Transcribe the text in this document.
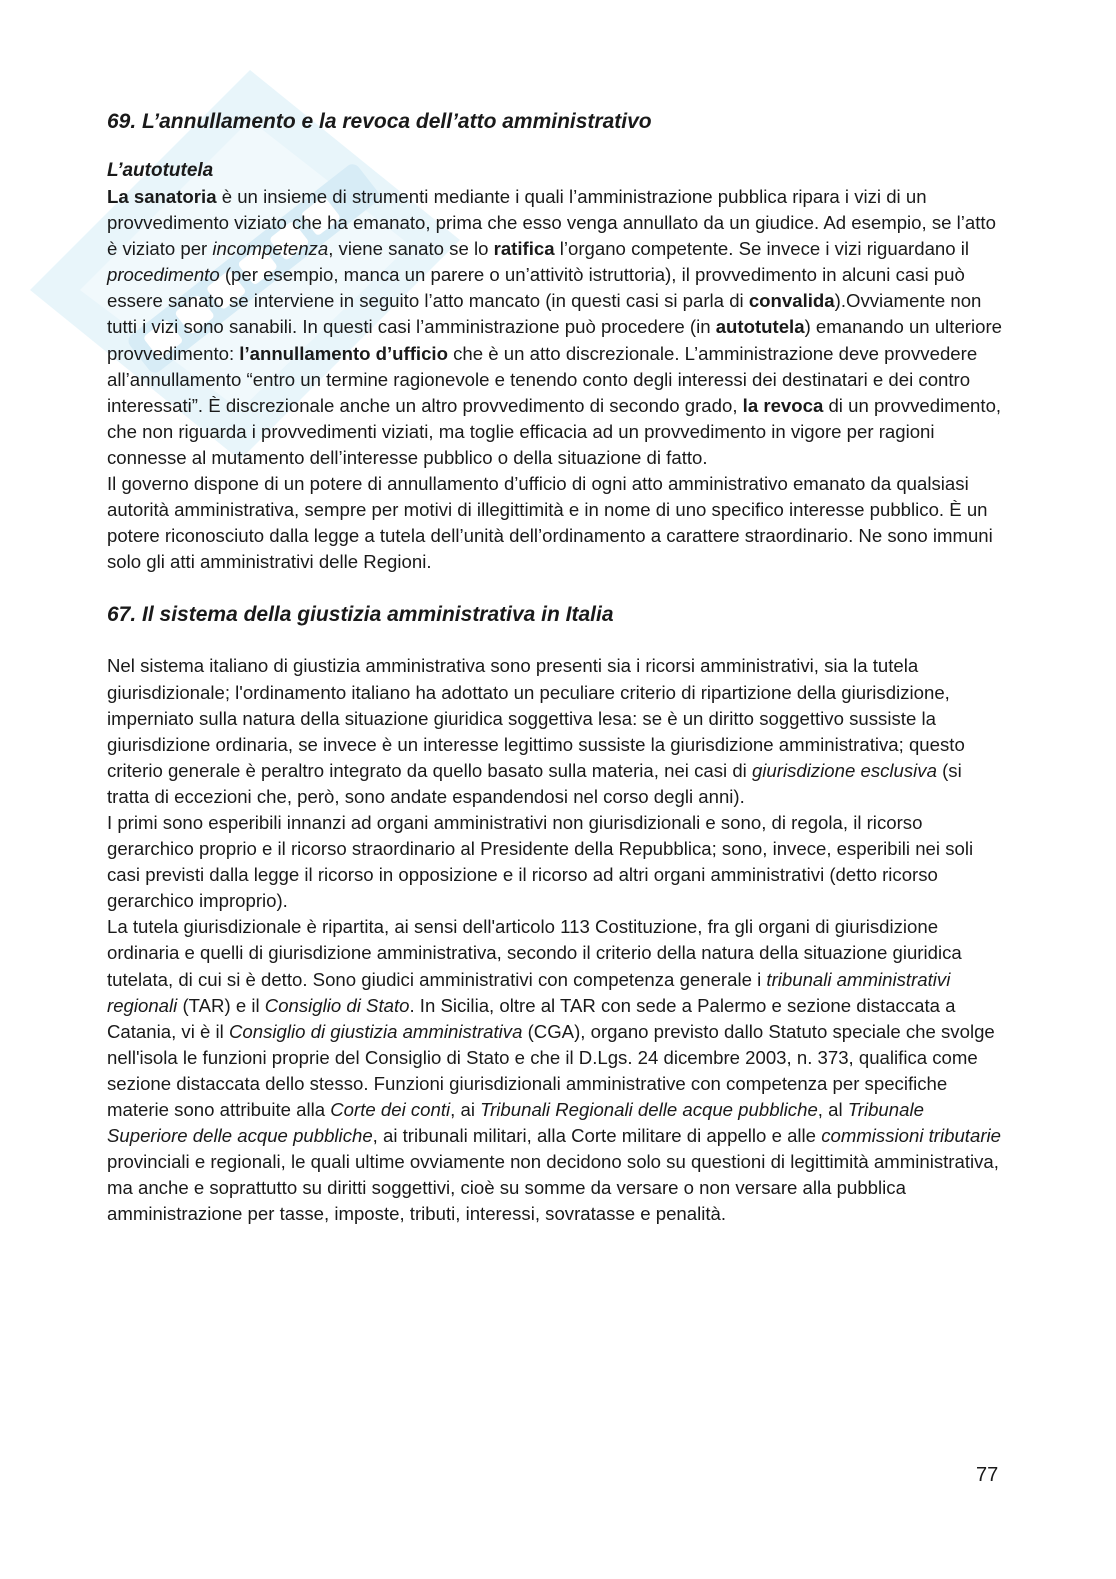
69. L’annullamento e la revoca dell’atto amministrativo
L’autotutela

La sanatoria è un insieme di strumenti mediante i quali l’amministrazione pubblica ripara i vizi di un provvedimento viziato che ha emanato, prima che esso venga annullato da un giudice. Ad esempio, se l’atto è viziato per incompetenza, viene sanato se lo ratifica l’organo competente. Se invece i vizi riguardano il procedimento (per esempio, manca un parere o un’attivitò istruttoria), il provvedimento in alcuni casi può essere sanato se interviene in seguito l’atto mancato (in questi casi si parla di convalida).Ovviamente non tutti i vizi sono sanabili. In questi casi l’amministrazione può procedere (in autotutela) emanando un ulteriore provvedimento: l’annullamento d’ufficio che è un atto discrezionale. L’amministrazione deve provvedere all’annullamento “entro un termine ragionevole e tenendo conto degli interessi dei destinatari e dei contro interessati”. È discrezionale anche un altro provvedimento di secondo grado, la revoca di un provvedimento, che non riguarda i provvedimenti viziati, ma toglie efficacia ad un provvedimento in vigore per ragioni connesse al mutamento dell’interesse pubblico o della situazione di fatto.

Il governo dispone di un potere di annullamento d’ufficio di ogni atto amministrativo emanato da qualsiasi autorità amministrativa, sempre per motivi di illegittimità e in nome di uno specifico interesse pubblico. È un potere riconosciuto dalla legge a tutela dell’unità dell’ordinamento a carattere straordinario. Ne sono immuni solo gli atti amministrativi delle Regioni.

67. Il sistema della giustizia amministrativa in Italia

Nel sistema italiano di giustizia amministrativa sono presenti sia i ricorsi amministrativi, sia la tutela giurisdizionale; l'ordinamento italiano ha adottato un peculiare criterio di ripartizione della giurisdizione, imperniato sulla natura della situazione giuridica soggettiva lesa: se è un diritto soggettivo sussiste la giurisdizione ordinaria, se invece è un interesse legittimo sussiste la giurisdizione amministrativa; questo criterio generale è peraltro integrato da quello basato sulla materia, nei casi di giurisdizione esclusiva (si tratta di eccezioni che, però, sono andate espandendosi nel corso degli anni).

I primi sono esperibili innanzi ad organi amministrativi non giurisdizionali e sono, di regola, il ricorso gerarchico proprio e il ricorso straordinario al Presidente della Repubblica; sono, invece, esperibili nei soli casi previsti dalla legge il ricorso in opposizione e il ricorso ad altri organi amministrativi (detto ricorso gerarchico improprio).

La tutela giurisdizionale è ripartita, ai sensi dell'articolo 113 Costituzione, fra gli organi di giurisdizione ordinaria e quelli di giurisdizione amministrativa, secondo il criterio della natura della situazione giuridica tutelata, di cui si è detto. Sono giudici amministrativi con competenza generale i tribunali amministrativi regionali (TAR) e il Consiglio di Stato. In Sicilia, oltre al TAR con sede a Palermo e sezione distaccata a Catania, vi è il Consiglio di giustizia amministrativa (CGA), organo previsto dallo Statuto speciale che svolge nell'isola le funzioni proprie del Consiglio di Stato e che il D.Lgs. 24 dicembre 2003, n. 373, qualifica come sezione distaccata dello stesso. Funzioni giurisdizionali amministrative con competenza per specifiche materie sono attribuite alla Corte dei conti, ai Tribunali Regionali delle acque pubbliche, al Tribunale Superiore delle acque pubbliche, ai tribunali militari, alla Corte militare di appello e alle commissioni tributarie provinciali e regionali, le quali ultime ovviamente non decidono solo su questioni di legittimità amministrativa, ma anche e soprattutto su diritti soggettivi, cioè su somme da versare o non versare alla pubblica amministrazione per tasse, imposte, tributi, interessi, sovratasse e penalità.

77
